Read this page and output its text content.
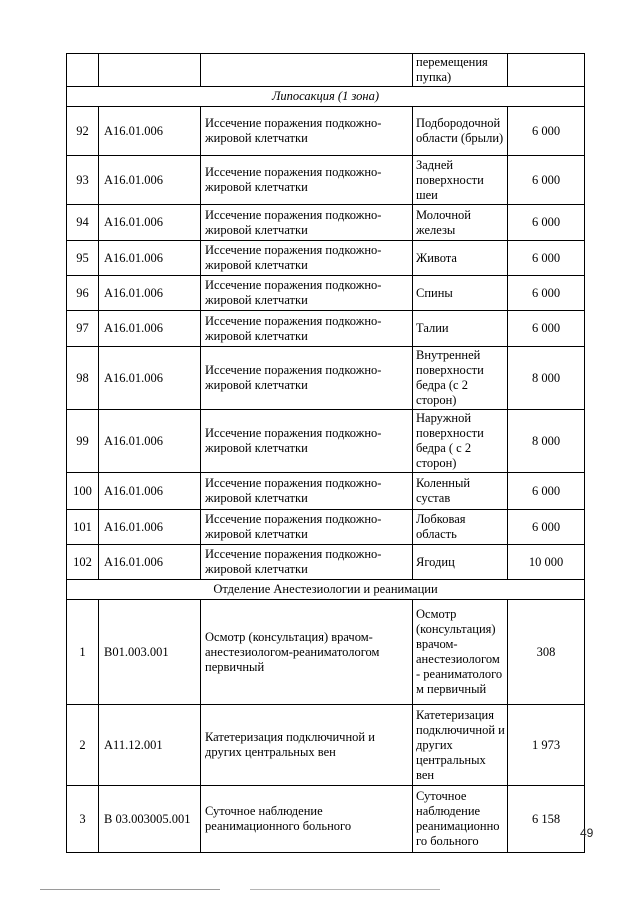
			перемещения пупка)	
Липосакция (1 зона)				
92	А16.01.006	Иссечение поражения подкожно-жировой клетчатки	Подбородочной области (брыли)	6 000
93	А16.01.006	Иссечение поражения подкожно-жировой клетчатки	Задней поверхности шеи	6 000
94	А16.01.006	Иссечение поражения подкожно-жировой клетчатки	Молочной железы	6 000
95	А16.01.006	Иссечение поражения подкожно-жировой клетчатки	Живота	6 000
96	А16.01.006	Иссечение поражения подкожно-жировой клетчатки	Спины	6 000
97	А16.01.006	Иссечение поражения подкожно-жировой клетчатки	Талии	6 000
98	А16.01.006	Иссечение поражения подкожно-жировой клетчатки	Внутренней поверхности бедра (с 2 сторон)	8 000
99	А16.01.006	Иссечение поражения подкожно-жировой клетчатки	Наружной поверхности бедра ( с 2 сторон)	8 000
100	А16.01.006	Иссечение поражения подкожно-жировой клетчатки	Коленный сустав	6 000
101	А16.01.006	Иссечение поражения подкожно-жировой клетчатки	Лобковая область	6 000
102	А16.01.006	Иссечение поражения подкожно-жировой клетчатки	Ягодиц	10 000
Отделение Анестезиологии и реанимации				
1	В01.003.001	Осмотр (консультация) врачом-анестезиологом-реаниматологом первичный	Осмотр (консультация) врачом-анестезиологом - реаниматолого м первичный	308
2	А11.12.001	Катетеризация подключичной и других центральных вен	Катетеризация подключичной и других центральных вен	1 973
3	В 03.003005.001	Суточное наблюдение реанимационного больного	Суточное наблюдение реанимационно го больного	6 158
49
